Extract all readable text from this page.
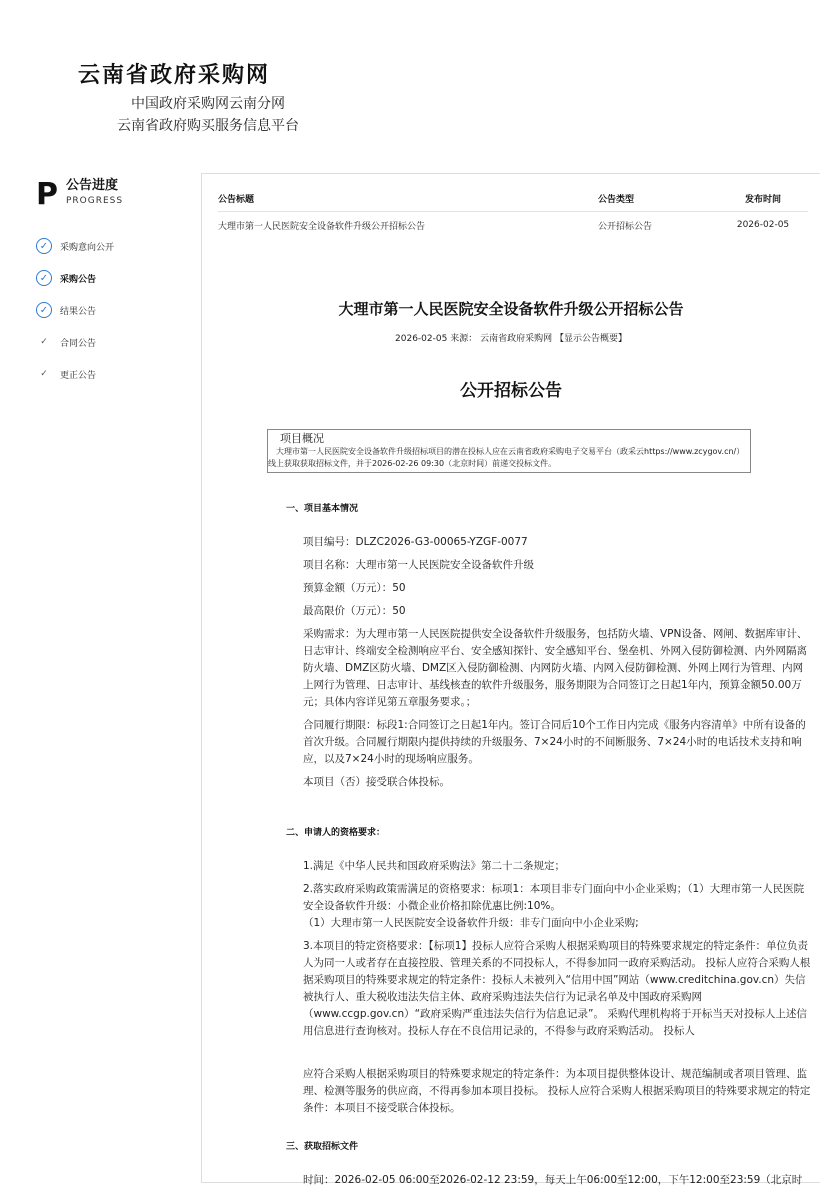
云南省政府采购网
中国政府采购网云南分网
云南省政府购买服务信息平台
P 公告进度
PROGRESS
✓	采购意向公开
✓	采购公告
✓	结果公告
✓ 合同公告
✓ 更正公告
公告标题	公告类型	发布时间
大理市第一人民医院安全设备软件升级公开招标公告	公开招标公告	2026-02-05
大理市第一人民医院安全设备软件升级公开招标公告
2026-02-05 来源： 云南省政府采购网 【显示公告概要】
公开招标公告
项目概况
大理市第一人民医院安全设备软件升级招标项目的潜在投标人应在云南省政府采购电子交易平台（政采云https://www.zcygov.cn/）线上获取获取招标文件，并于2026-02-26 09:30（北京时间）前递交投标文件。
一、项目基本情况

项目编号：DLZC2026-G3-00065-YZGF-0077

项目名称：大理市第一人民医院安全设备软件升级

预算金额（万元）：50

最高限价（万元）：50

采购需求：为大理市第一人民医院提供安全设备软件升级服务，包括防火墙、VPN设备、网闸、数据库审计、日志审计、终端安全检测响应平台、安全感知探针、安全感知平台、堡垒机、外网入侵防御检测、内外网隔离防火墙、DMZ区防火墙、DMZ区入侵防御检测、内网防火墙、内网入侵防御检测、外网上网行为管理、内网上网行为管理、日志审计、基线核查的软件升级服务，服务期限为合同签订之日起1年内，预算金额50.00万元；具体内容详见第五章服务要求。；

合同履行期限：标段1:合同签订之日起1年内。签订合同后10个工作日内完成《服务内容清单》中所有设备的首次升级。合同履行期限内提供持续的升级服务、7×24小时的不间断服务、7×24小时的电话技术支持和响应，以及7×24小时的现场响应服务。

本项目（否）接受联合体投标。

二、申请人的资格要求：

1.满足《中华人民共和国政府采购法》第二十二条规定；

2.落实政府采购政策需满足的资格要求：标项1：本项目非专门面向中小企业采购；（1）大理市第一人民医院安全设备软件升级：小微企业价格扣除优惠比例:10%。

（1）大理市第一人民医院安全设备软件升级：非专门面向中小企业采购;

3.本项目的特定资格要求：【标项1】投标人应符合采购人根据采购项目的特殊要求规定的特定条件：单位负责人为同一人或者存在直接控股、管理关系的不同投标人，不得参加同一政府采购活动。 投标人应符合采购人根据采购项目的特殊要求规定的特定条件：投标人未被列入“信用中国”网站（www.creditchina.gov.cn）失信被执行人、重大税收违法失信主体、政府采购违法失信行为记录名单及中国政府采购网（www.ccgp.gov.cn）“政府采购严重违法失信行为信息记录”。 采购代理机构将于开标当天对投标人上述信用信息进行查询核对。投标人存在不良信用记录的，不得参与政府采购活动。 投标人

应符合采购人根据采购项目的特殊要求规定的特定条件：为本项目提供整体设计、规范编制或者项目管理、监理、检测等服务的供应商，不得再参加本项目投标。 投标人应符合采购人根据采购项目的特殊要求规定的特定条件：本项目不接受联合体投标。

三、获取招标文件

时间：2026-02-05 06:00至2026-02-12 23:59，每天上午06:00至12:00，下午12:00至23:59（北京时
